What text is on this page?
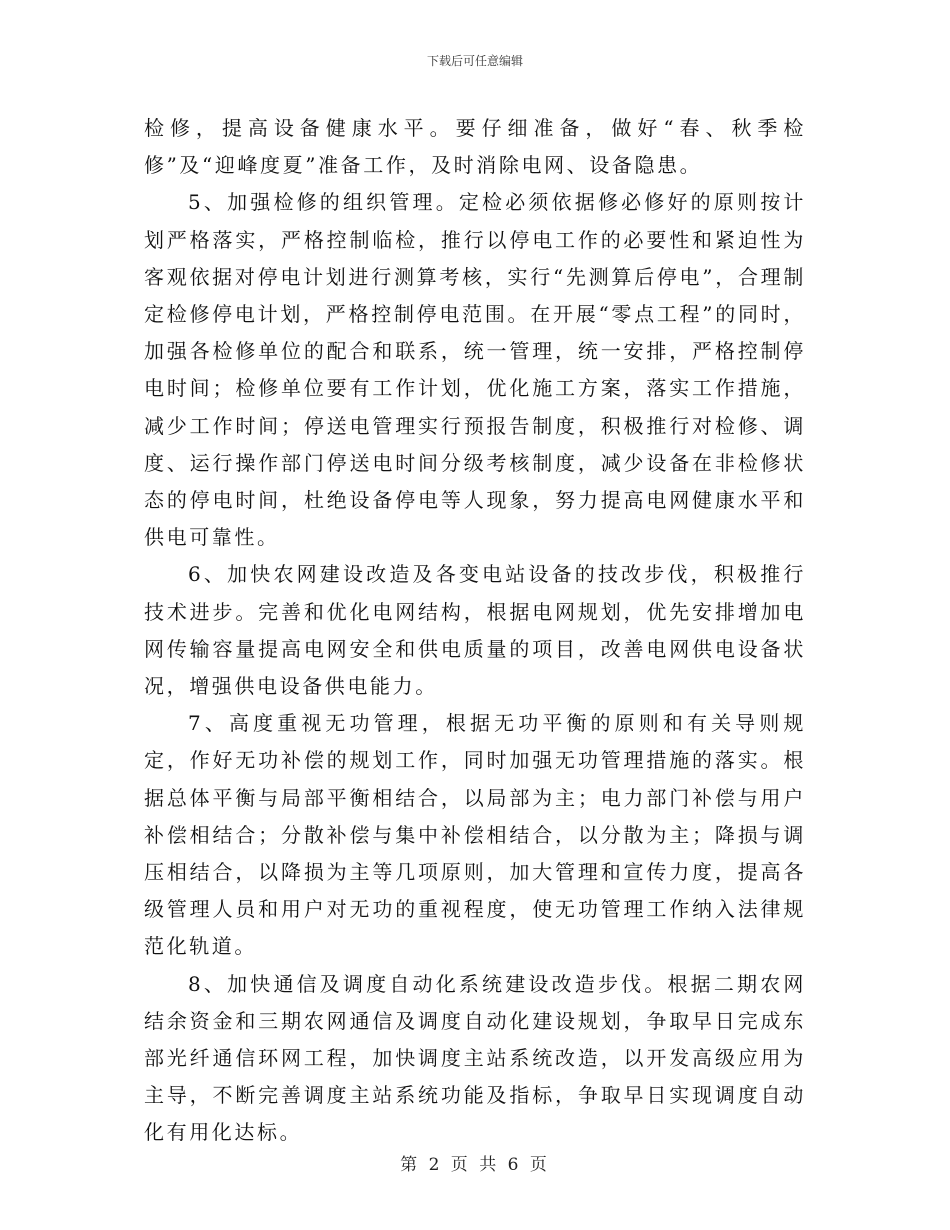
下载后可任意编辑

检修，提高设备健康水平。要仔细准备，做好“春、秋季检修”及“迎峰度夏”准备工作，及时消除电网、设备隐患。

5、加强检修的组织管理。定检必须依据修必修好的原则按计划严格落实，严格控制临检，推行以停电工作的必要性和紧迫性为客观依据对停电计划进行测算考核，实行“先测算后停电”，合理制定检修停电计划，严格控制停电范围。在开展“零点工程”的同时，加强各检修单位的配合和联系，统一管理，统一安排，严格控制停电时间；检修单位要有工作计划，优化施工方案，落实工作措施，减少工作时间；停送电管理实行预报告制度，积极推行对检修、调度、运行操作部门停送电时间分级考核制度，减少设备在非检修状态的停电时间，杜绝设备停电等人现象，努力提高电网健康水平和供电可靠性。

6、加快农网建设改造及各变电站设备的技改步伐，积极推行技术进步。完善和优化电网结构，根据电网规划，优先安排增加电网传输容量提高电网安全和供电质量的项目，改善电网供电设备状况，增强供电设备供电能力。

7、高度重视无功管理，根据无功平衡的原则和有关导则规定，作好无功补偿的规划工作，同时加强无功管理措施的落实。根据总体平衡与局部平衡相结合，以局部为主；电力部门补偿与用户补偿相结合；分散补偿与集中补偿相结合，以分散为主；降损与调压相结合，以降损为主等几项原则，加大管理和宣传力度，提高各级管理人员和用户对无功的重视程度，使无功管理工作纳入法律规范化轨道。

8、加快通信及调度自动化系统建设改造步伐。根据二期农网结余资金和三期农网通信及调度自动化建设规划，争取早日完成东部光纤通信环网工程，加快调度主站系统改造，以开发高级应用为主导，不断完善调度主站系统功能及指标，争取早日实现调度自动化有用化达标。

第 2 页 共 6 页
